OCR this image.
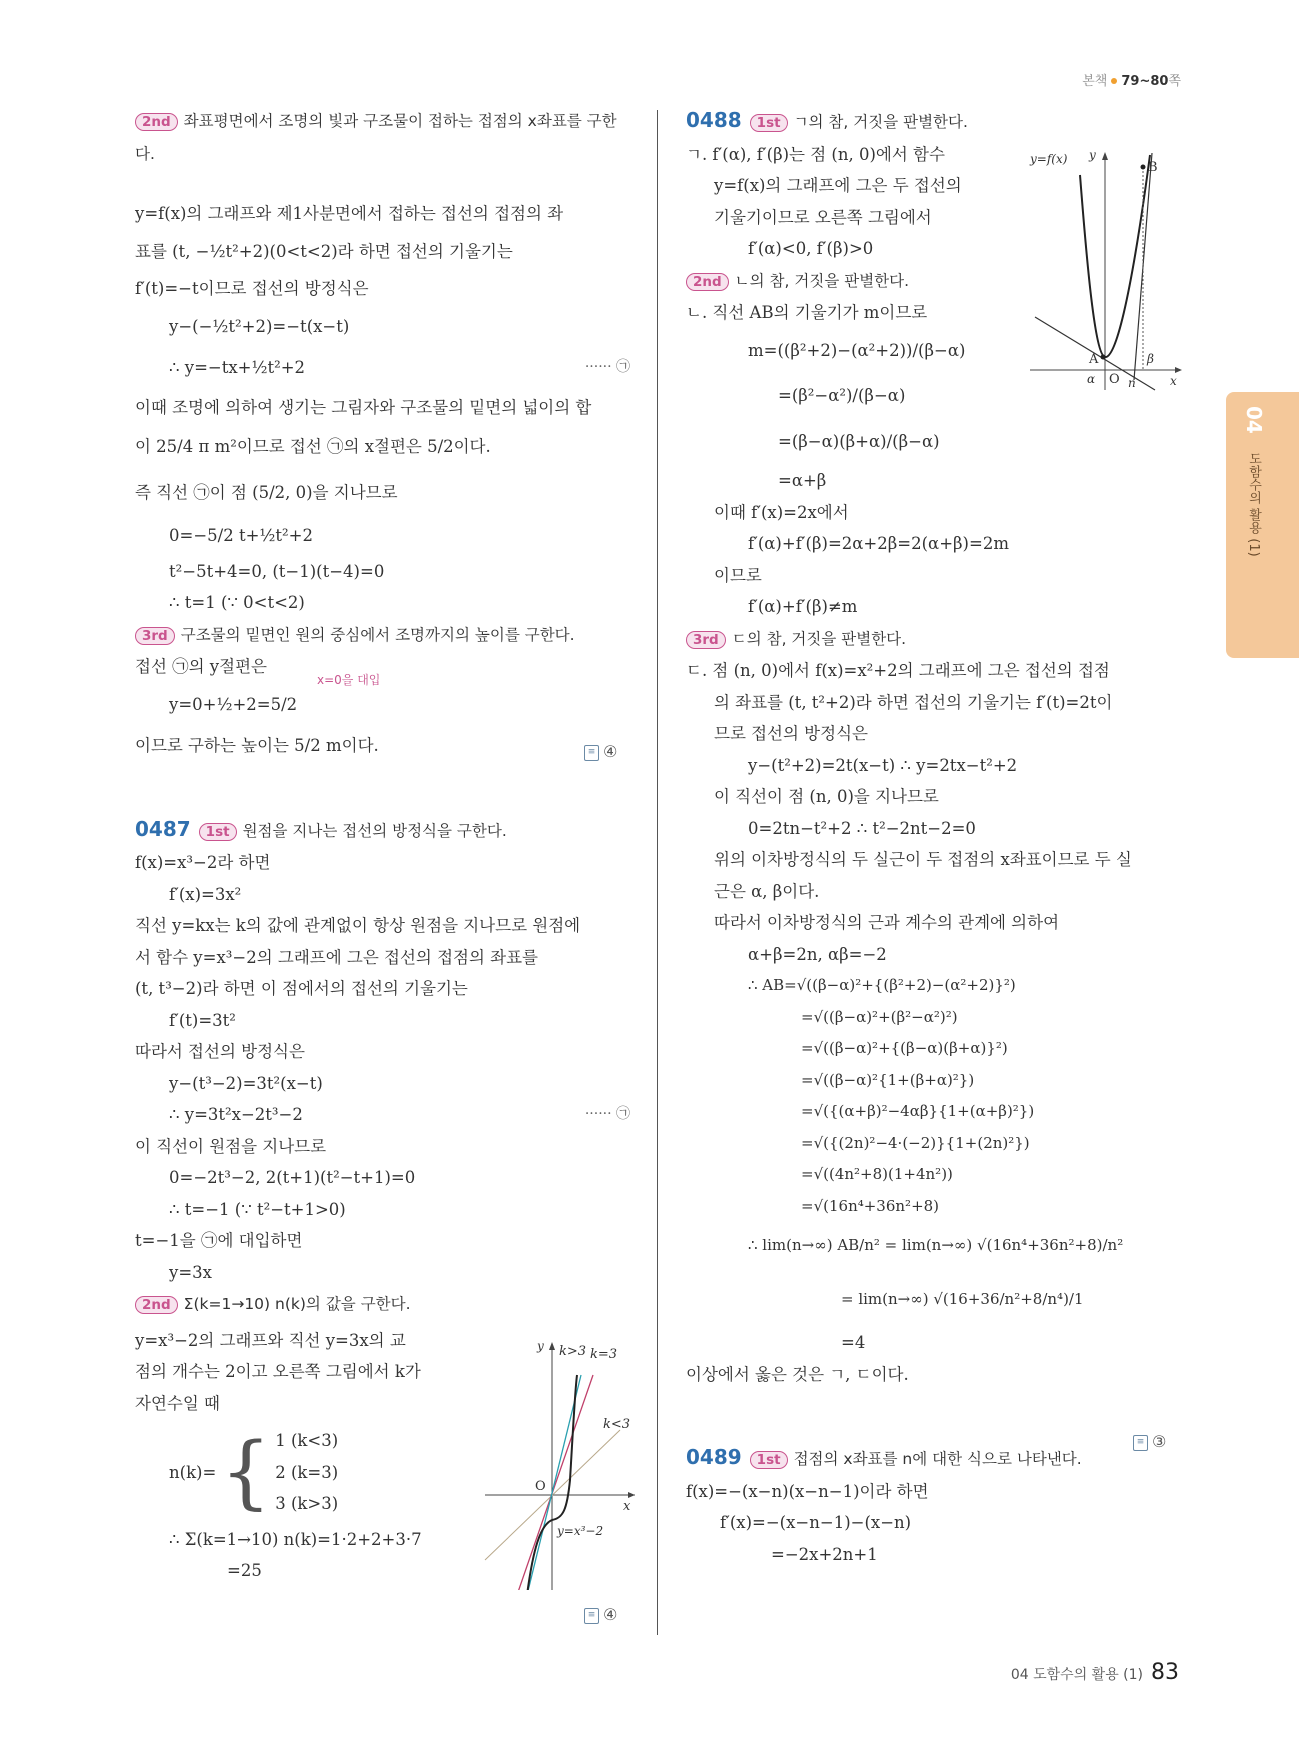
본책 79~80쪽
2nd 좌표평면에서 조명의 빛과 구조물이 접하는 접점의 x좌표를 구한다.
y=f(x)의 그래프와 제1사분면에서 접하는 접선의 접점의 좌
표를 (t, −½t²+2)(0<t<2)라 하면 접선의 기울기는
f′(t)=−t이므로 접선의 방정식은
y−(−½t²+2)=−t(x−t)
∴ y=−tx+½t²+2	······ ㉠
이때 조명에 의하여 생기는 그림자와 구조물의 밑면의 넓이의 합
이 25/4 π m²이므로 접선 ㉠의 x절편은 5/2이다.
즉 직선 ㉠이 점 (5/2, 0)을 지나므로
0=−5/2 t+½t²+2
t²−5t+4=0, (t−1)(t−4)=0
∴ t=1 (∵ 0<t<2)
3rd 구조물의 밑면인 원의 중심에서 조명까지의 높이를 구한다.
접선 ㉠의 y절편은
x=0을 대입
y=0+½+2=5/2
이므로 구하는 높이는 5/2 m이다.
0487 1st 원점을 지나는 접선의 방정식을 구한다.
f(x)=x³−2라 하면
f′(x)=3x²
직선 y=kx는 k의 값에 관계없이 항상 원점을 지나므로 원점에
서 함수 y=x³−2의 그래프에 그은 접선의 접점의 좌표를
(t, t³−2)라 하면 이 점에서의 접선의 기울기는
f′(t)=3t²
따라서 접선의 방정식은
y−(t³−2)=3t²(x−t)
∴ y=3t²x−2t³−2	······ ㉠
이 직선이 원점을 지나므로
0=−2t³−2, 2(t+1)(t²−t+1)=0
∴ t=−1 (∵ t²−t+1>0)
t=−1을 ㉠에 대입하면
y=3x
2nd Σ(k=1→10) n(k)의 값을 구한다.
y=x³−2의 그래프와 직선 y=3x의 교
점의 개수는 2이고 오른쪽 그림에서 k가
자연수일 때
n(k)= { 1 (k<3)
2 (k=3)
3 (k>3)
∴ Σ(k=1→10) n(k)=1·2+2+3·7
=25
≡ ④
≡ ④
y k>3 k=3
k<3
O
x
y=x³−2
0488 1st ㄱ의 참, 거짓을 판별한다.
ㄱ. f′(α), f′(β)는 점 (n, 0)에서 함수
y=f(x)의 그래프에 그은 두 접선의
기울기이므로 오른쪽 그림에서
f′(α)<0, f′(β)>0
2nd ㄴ의 참, 거짓을 판별한다.
ㄴ. 직선 AB의 기울기가 m이므로
m=((β²+2)−(α²+2))/(β−α)
=(β²−α²)/(β−α)
=(β−α)(β+α)/(β−α)
=α+β
이때 f′(x)=2x에서
f′(α)+f′(β)=2α+2β=2(α+β)=2m
이므로
f′(α)+f′(β)≠m
3rd ㄷ의 참, 거짓을 판별한다.
ㄷ. 점 (n, 0)에서 f(x)=x²+2의 그래프에 그은 접선의 접점
의 좌표를 (t, t²+2)라 하면 접선의 기울기는 f′(t)=2t이
므로 접선의 방정식은
y−(t²+2)=2t(x−t) ∴ y=2tx−t²+2
이 직선이 점 (n, 0)을 지나므로
0=2tn−t²+2 ∴ t²−2nt−2=0
위의 이차방정식의 두 실근이 두 접점의 x좌표이므로 두 실
근은 α, β이다.
따라서 이차방정식의 근과 계수의 관계에 의하여
α+β=2n, αβ=−2
∴ AB=√((β−α)²+{(β²+2)−(α²+2)}²)
=√((β−α)²+(β²−α²)²)
=√((β−α)²+{(β−α)(β+α)}²)
=√((β−α)²{1+(β+α)²})
=√({(α+β)²−4αβ}{1+(α+β)²})
=√({(2n)²−4·(−2)}{1+(2n)²})
=√((4n²+8)(1+4n²))
=√(16n⁴+36n²+8)
∴ lim(n→∞) AB/n² = lim(n→∞) √(16n⁴+36n²+8)/n²
= lim(n→∞) √(16+36/n²+8/n⁴)/1
=4
이상에서 옳은 것은 ㄱ, ㄷ이다.
0489 1st 접점의 x좌표를 n에 대한 식으로 나타낸다.
f(x)=−(x−n)(x−n−1)이라 하면
f′(x)=−(x−n−1)−(x−n)
=−2x+2n+1
≡ ③
y=f(x) y
B
A	β
α O n	x
04
도함수의 활용 (1)
04 도함수의 활용 (1) 83
